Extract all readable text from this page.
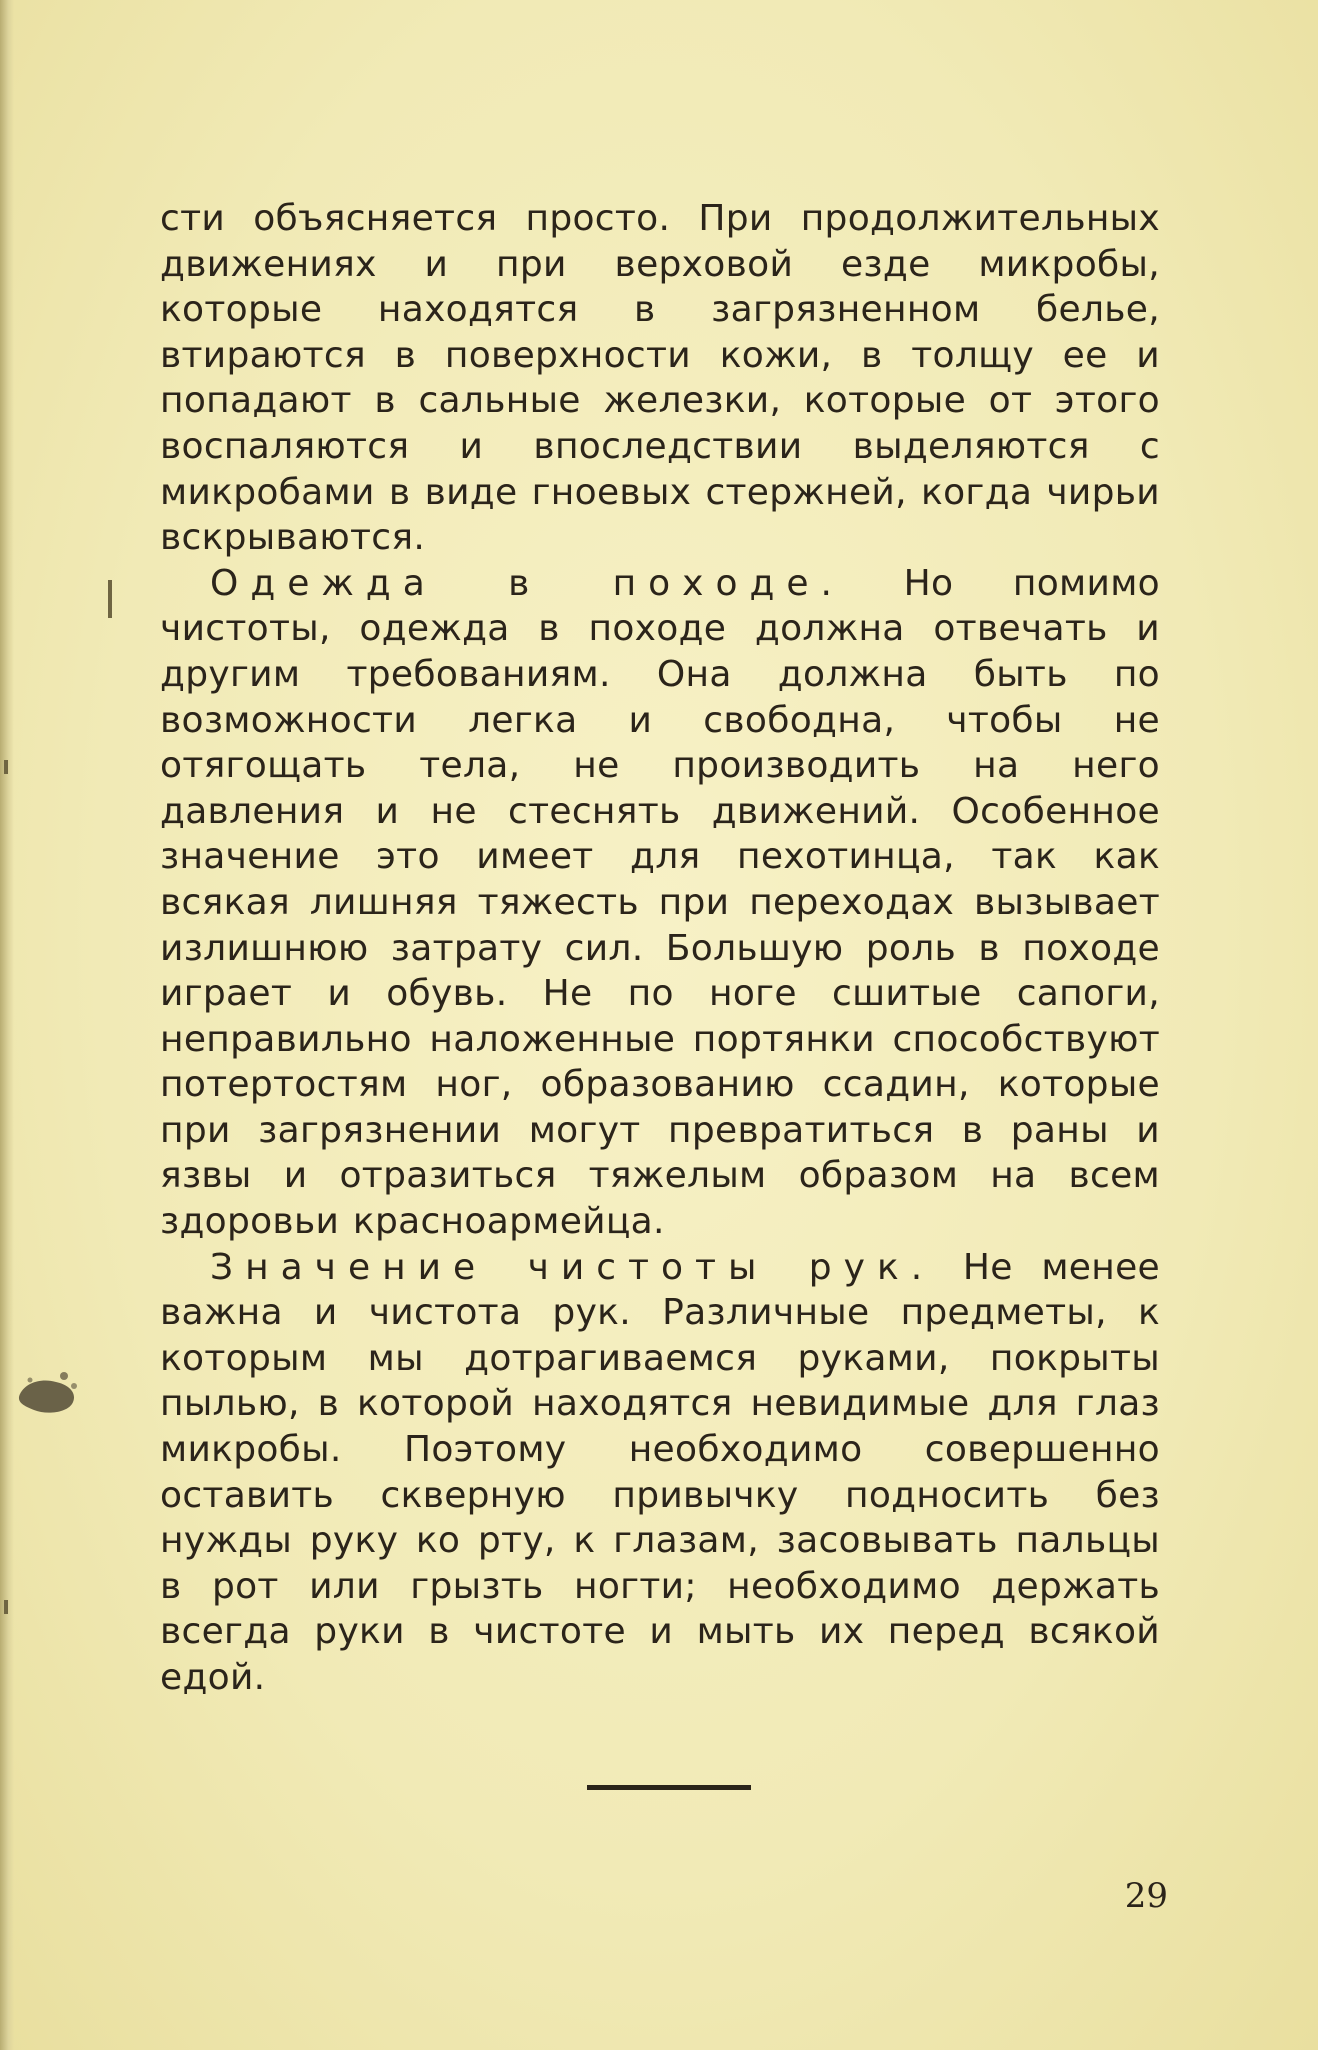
сти объясняется просто. При продолжительных движениях и при верховой езде микробы, которые находятся в загрязненном белье, втираются в поверхности кожи, в толщу ее и попадают в сальные железки, которые от этого воспаляются и впоследствии выделяются с микробами в виде гноевых стержней, когда чирьи вскрываются.

Одежда в походе. Но помимо чистоты, одежда в походе должна отвечать и другим требованиям. Она должна быть по возможности легка и свободна, чтобы не отягощать тела, не производить на него давления и не стеснять движений. Особенное значение это имеет для пехотинца, так как всякая лишняя тяжесть при переходах вызывает излишнюю затрату сил. Большую роль в походе играет и обувь. Не по ноге сшитые сапоги, неправильно наложенные портянки способствуют потертостям ног, образованию ссадин, которые при загрязнении могут превратиться в раны и язвы и отразиться тяжелым образом на всем здоровьи красноармейца.

Значение чистоты рук. Не менее важна и чистота рук. Различные предметы, к которым мы дотрагиваемся руками, покрыты пылью, в которой находятся невидимые для глаз микробы. Поэтому необходимо совершенно оставить скверную привычку подносить без нужды руку ко рту, к глазам, засовывать пальцы в рот или грызть ногти; необходимо держать всегда руки в чистоте и мыть их перед всякой едой.

29
